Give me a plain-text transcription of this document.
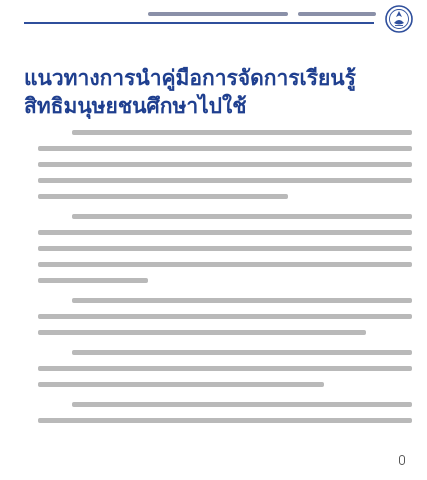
แนวทางการนำคู่มือการจัดการเรียนรู้
สิทธิมนุษยชนศึกษาไปใช้
